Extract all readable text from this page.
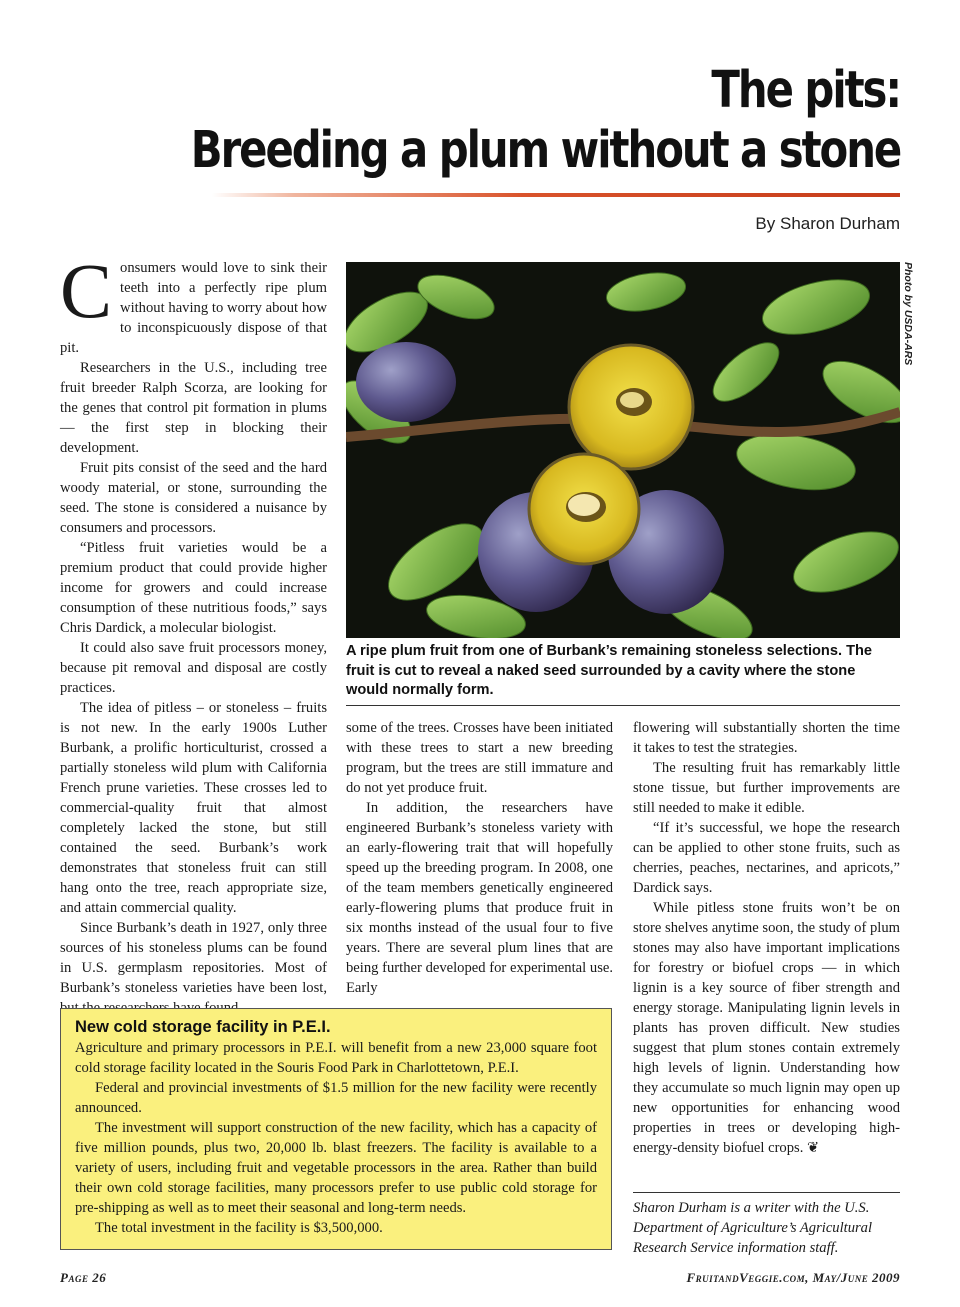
The pits:
Breeding a plum without a stone
By Sharon Durham

Consumers would love to sink their teeth into a perfectly ripe plum without having to worry about how to inconspicuously dispose of that pit.

Researchers in the U.S., including tree fruit breeder Ralph Scorza, are looking for the genes that control pit formation in plums — the first step in blocking their development.

Fruit pits consist of the seed and the hard woody material, or stone, surrounding the seed. The stone is considered a nuisance by consumers and processors.

“Pitless fruit varieties would be a premium product that could provide higher income for growers and could increase consumption of these nutritious foods,” says Chris Dardick, a molecular biologist.

It could also save fruit processors money, because pit removal and disposal are costly practices.

The idea of pitless – or stoneless – fruits is not new. In the early 1900s Luther Burbank, a prolific horticulturist, crossed a partially stoneless wild plum with California French prune varieties. These crosses led to commercial-quality fruit that almost completely lacked the stone, but still contained the seed. Burbank’s work demonstrates that stoneless fruit can still hang onto the tree, reach appropriate size, and attain commercial quality.

Since Burbank’s death in 1927, only three sources of his stoneless plums can be found in U.S. germplasm repositories. Most of Burbank’s stoneless varieties have been lost,

Photo by USDA-ARS
A ripe plum fruit from one of Burbank’s remaining stoneless selections. The fruit is cut to reveal a naked seed surrounded by a cavity where the stone would normally form.

some of the trees. Crosses have been initiated with these trees to start a new breeding program, but the trees are still immature and do not yet produce fruit.

In addition, the researchers have engineered Burbank’s stoneless variety with an early-flowering trait that will hopefully speed up the breeding program. In 2008, one of the team members genetically engineered early-flowering plums that produce fruit in six months instead of the usual four to five years. There are several plum lines that are being further developed for experimental use. Early

flowering will substantially shorten the time it takes to test the strategies.

The resulting fruit has remarkably little stone tissue, but further improvements are still needed to make it edible.

“If it’s successful, we hope the research can be applied to other stone fruits, such as cherries, peaches, nectarines, and apricots,” Dardick says.

While pitless stone fruits won’t be on store shelves anytime soon, the study of plum stones may also have important implications for forestry or biofuel crops — in which lignin is a key source of fiber strength and energy storage. Manipulating lignin levels in plants has proven difficult. New studies suggest that plum stones contain extremely high levels of lignin. Understanding how they accumulate so much lignin may open up new opportunities for enhancing wood properties in trees or developing high-energy-density biofuel crops. ❦

Sharon Durham is a writer with the U.S. Department of Agriculture’s Agricultural Research Service information staff.
New cold storage facility in P.E.I.

Agriculture and primary processors in P.E.I. will benefit from a new 23,000 square foot cold storage facility located in the Souris Food Park in Charlottetown, P.E.I.

Federal and provincial investments of $1.5 million for the new facility were recently announced.

The investment will support construction of the new facility, which has a capacity of five million pounds, plus two, 20,000 lb. blast freezers. The facility is available to a variety of users, including fruit and vegetable processors in the area. Rather than build their own cold storage facilities, many processors prefer to use public cold storage for pre-shipping as well as to meet their seasonal and long-term needs.

The total investment in the facility is $3,500,000.

Page 26	FruitandVeggie.com, May/June 2009
